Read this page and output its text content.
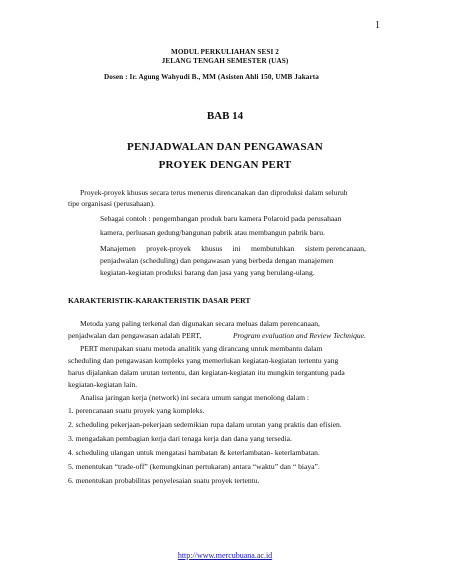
1
MODUL PERKULIAHAN SESI 2
JELANG TENGAH SEMESTER (UAS)
Dosen : Ir. Agung Wahyudi B., MM (Asisten Ahli 150, UMB Jakarta
BAB 14
PENJADWALAN DAN PENGAWASAN
PROYEK DENGAN PERT
Proyek-proyek khusus secara terus menerus direncanakan dan diproduksi dalam seluruh
tipe organisasi (perusahaan).
Sebagai contoh : pengembangan produk baru kamera Polaroid pada perusahaan
kamera, perluasan gedung/bangunan pabrik atau membangun pabrik baru.
Manajemen proyek-proyek khusus ini membutuhkan sistem perencanaan,
penjadwalan (scheduling) dan pengawasan yang berbeda dengan manajemen
kegiatan-kegiatan produksi barang dan jasa yang yang berulang-ulang.
KARAKTERISTIK-KARAKTERISTIK DASAR PERT
Metoda yang paling terkenal dan digunakan secara meluas dalam perencanaan,
penjadwalan dan pengawasan adalah PERT,	Program evaluation and Review Technique.
PERT merupakan suatu metoda analitik yang dirancang untuk membantu dalam
scheduling dan pengawasan kompleks yang memerlukan kegiatan-kegiatan tertentu yang
harus dijalankan dalam urutan tertentu, dan kegiatan-kegiatan itu mungkin tergantung pada
kegiatan-kegiatan lain.
Analisa jaringan kerja (network) ini secara umum sangat menolong dalam :
1. perencanaan suatu proyek yang kompleks.
2. scheduling pekerjaan-pekerjaan sedemikian rupa dalam urutan yang praktis dan efisien.
3. mengadakan pembagian kerja dari tenaga kerja dan dana yang tersedia.
4. scheduling ulangan untuk mengatasi hambatan & keterlambatan- keterlambatan.
5. menentukan “trade-off” (kemungkinan pertukaran) antara “waktu” dan “ biaya”.
6. menentukan probabilitas penyelesaian suatu proyek tertentu.
http://www.mercubuana.ac.id
